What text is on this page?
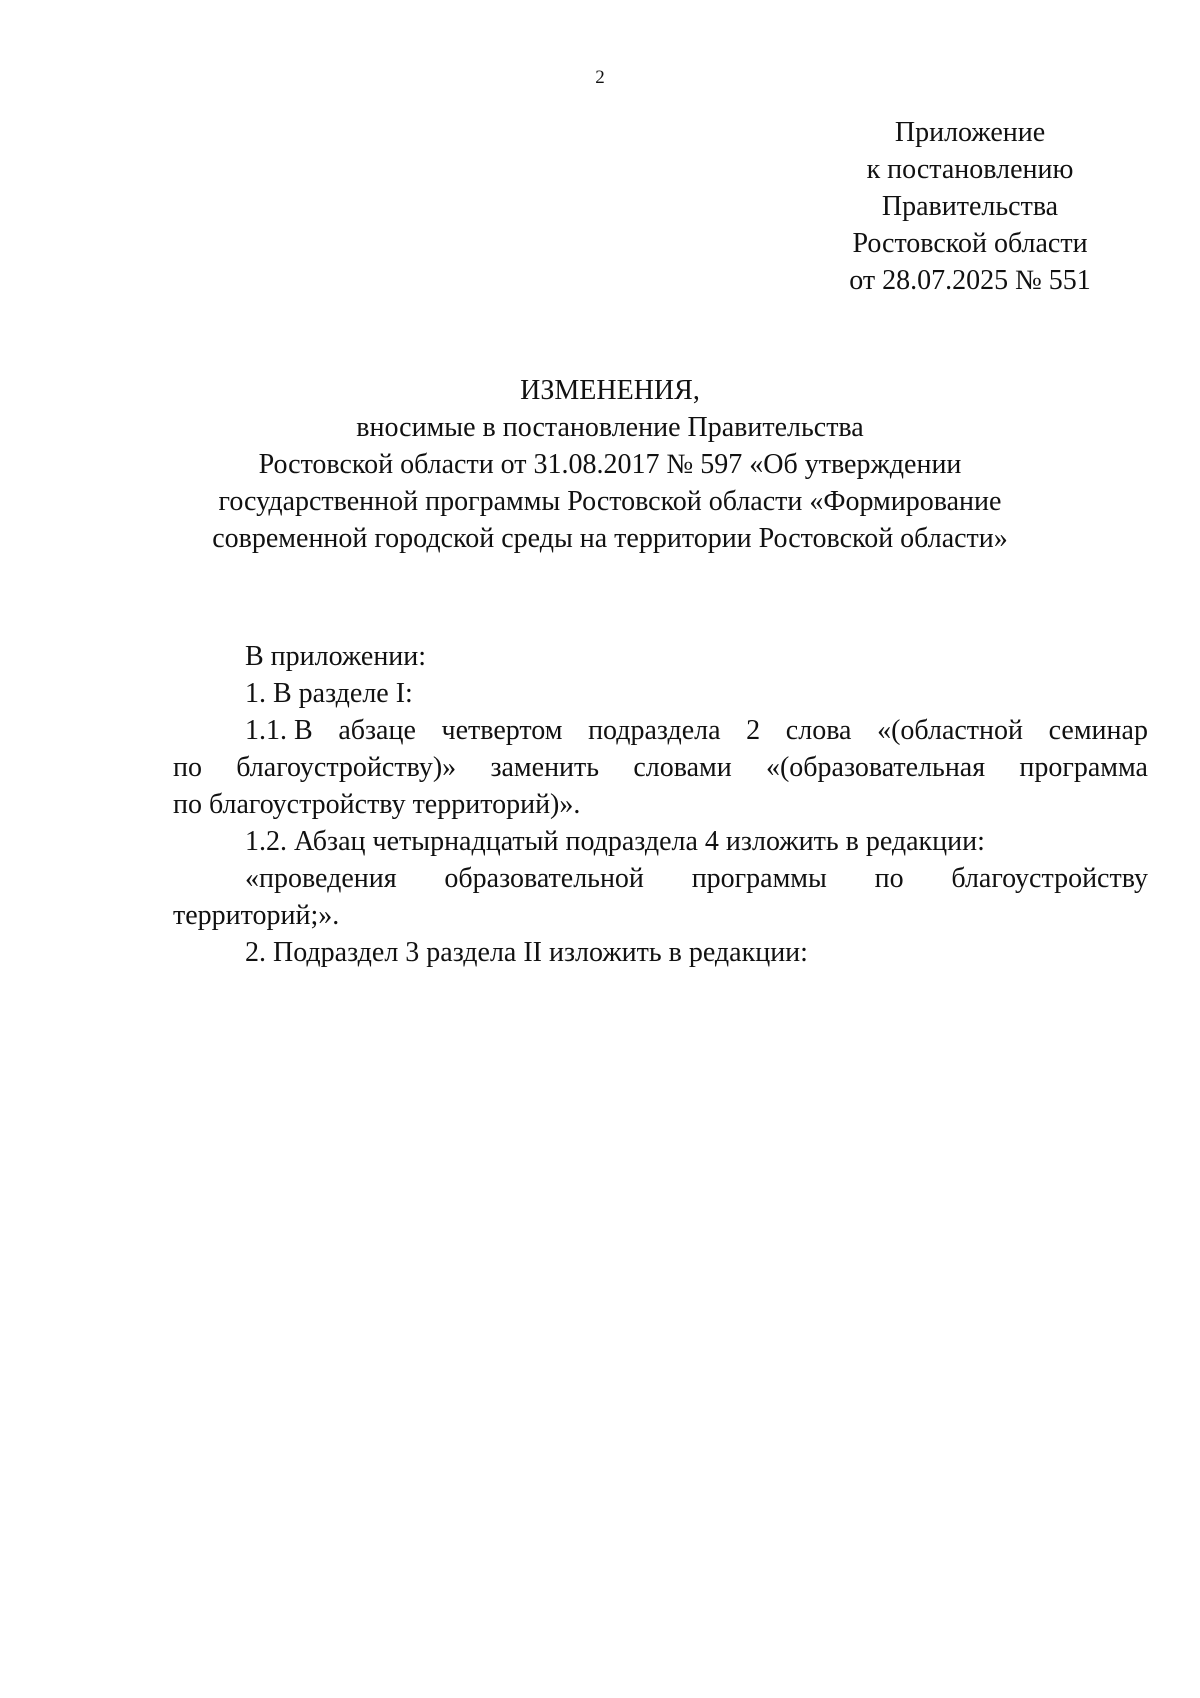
2
Приложение
к постановлению
Правительства
Ростовской области
от 28.07.2025 № 551
ИЗМЕНЕНИЯ,
вносимые в постановление Правительства
Ростовской области от 31.08.2017 № 597 «Об утверждении
государственной программы Ростовской области «Формирование
современной городской среды на территории Ростовской области»
В приложении:
1. В разделе I:
1.1. В абзаце четвертом подраздела 2 слова «(областной семинар
по благоустройству)» заменить словами «(образовательная программа
по благоустройству территорий)».
1.2. Абзац четырнадцатый подраздела 4 изложить в редакции:
«проведения образовательной программы по благоустройству
территорий;».
2. Подраздел 3 раздела II изложить в редакции:
